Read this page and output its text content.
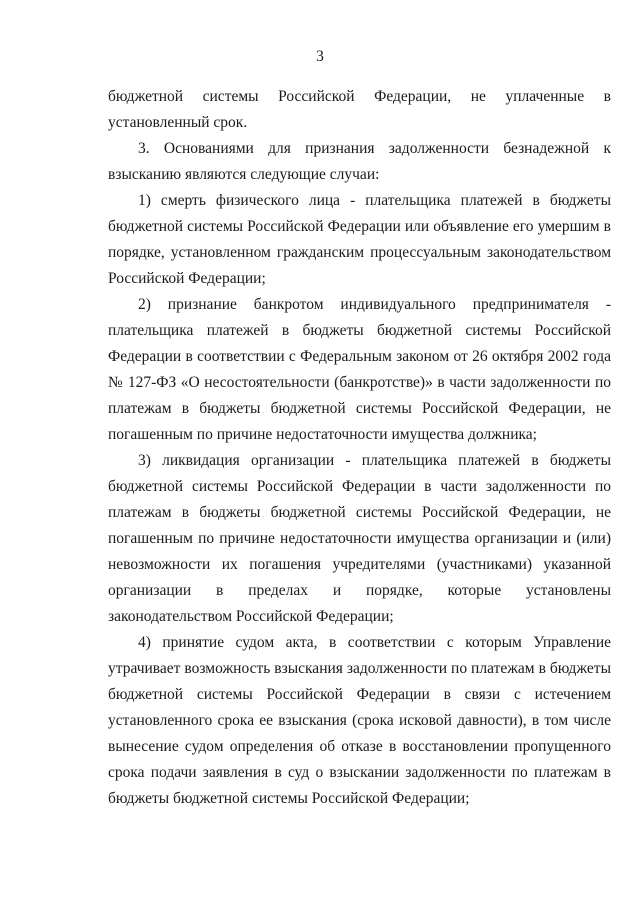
3

бюджетной системы Российской Федерации, не уплаченные в установленный срок.

3. Основаниями для признания задолженности безнадежной к взысканию являются следующие случаи:

1) смерть физического лица - плательщика платежей в бюджеты бюджетной системы Российской Федерации или объявление его умершим в порядке, установленном гражданским процессуальным законодательством Российской Федерации;

2) признание банкротом индивидуального предпринимателя - плательщика платежей в бюджеты бюджетной системы Российской Федерации в соответствии с Федеральным законом от 26 октября 2002 года № 127-ФЗ «О несостоятельности (банкротстве)» в части задолженности по платежам в бюджеты бюджетной системы Российской Федерации, не погашенным по причине недостаточности имущества должника;

3) ликвидация организации - плательщика платежей в бюджеты бюджетной системы Российской Федерации в части задолженности по платежам в бюджеты бюджетной системы Российской Федерации, не погашенным по причине недостаточности имущества организации и (или) невозможности их погашения учредителями (участниками) указанной организации в пределах и порядке, которые установлены законодательством Российской Федерации;

4) принятие судом акта, в соответствии с которым Управление утрачивает возможность взыскания задолженности по платежам в бюджеты бюджетной системы Российской Федерации в связи с истечением установленного срока ее взыскания (срока исковой давности), в том числе вынесение судом определения об отказе в восстановлении пропущенного срока подачи заявления в суд о взыскании задолженности по платежам в бюджеты бюджетной системы Российской Федерации;
